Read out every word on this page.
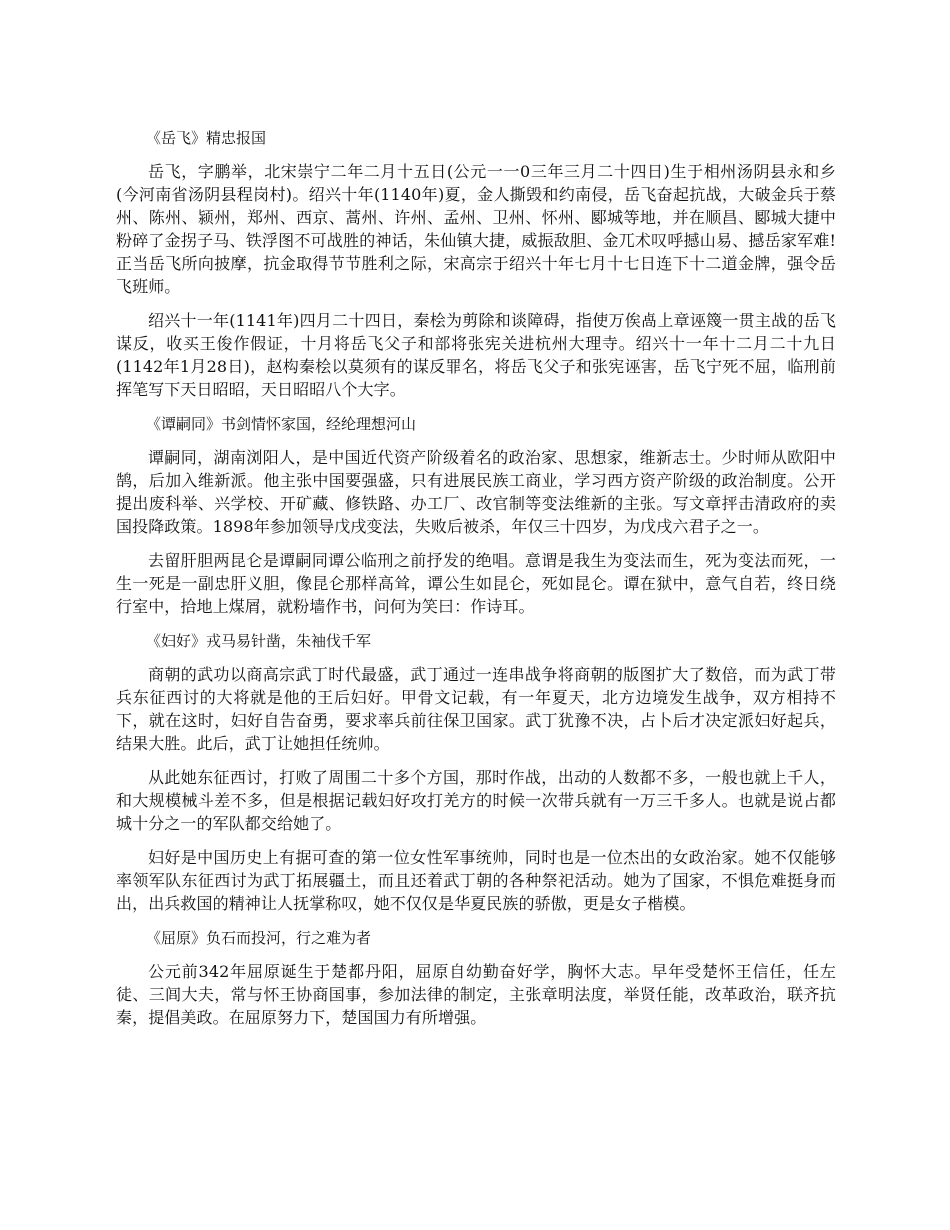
《岳飞》精忠报国

岳飞，字鹏举，北宋崇宁二年二月十五日(公元一一0三年三月二十四日)生于相州汤阴县永和乡(今河南省汤阴县程岗村)。绍兴十年(1140年)夏，金人撕毁和约南侵，岳飞奋起抗战，大破金兵于蔡州、陈州、颍州，郑州、西京、蒿州、许州、孟州、卫州、怀州、郾城等地，并在顺昌、郾城大捷中粉碎了金拐子马、铁浮图不可战胜的神话，朱仙镇大捷，威振敌胆、金兀术叹呼撼山易、撼岳家军难!正当岳飞所向披摩，抗金取得节节胜利之际，宋高宗于绍兴十年七月十七日连下十二道金牌，强令岳飞班师。

绍兴十一年(1141年)四月二十四日，秦桧为剪除和谈障碍，指使万俟卨上章诬篾一贯主战的岳飞谋反，收买王俊作假证，十月将岳飞父子和部将张宪关进杭州大理寺。绍兴十一年十二月二十九日(1142年1月28日)，赵构秦桧以莫须有的谋反罪名，将岳飞父子和张宪诬害，岳飞宁死不屈，临刑前挥笔写下天日昭昭，天日昭昭八个大字。

《谭嗣同》书剑情怀家国，经纶理想河山

谭嗣同，湖南浏阳人，是中国近代资产阶级着名的政治家、思想家，维新志士。少时师从欧阳中鹄，后加入维新派。他主张中国要强盛，只有进展民族工商业，学习西方资产阶级的政治制度。公开提出废科举、兴学校、开矿藏、修铁路、办工厂、改官制等变法维新的主张。写文章抨击清政府的卖国投降政策。1898年参加领导戊戌变法，失败后被杀，年仅三十四岁，为戊戌六君子之一。

去留肝胆两昆仑是谭嗣同谭公临刑之前抒发的绝唱。意谓是我生为变法而生，死为变法而死，一生一死是一副忠肝义胆，像昆仑那样高耸，谭公生如昆仑，死如昆仑。谭在狱中，意气自若，终日绕行室中，拾地上煤屑，就粉墙作书，问何为笑曰：作诗耳。

《妇好》戎马易针凿，朱袖伐千军

商朝的武功以商高宗武丁时代最盛，武丁通过一连串战争将商朝的版图扩大了数倍，而为武丁带兵东征西讨的大将就是他的王后妇好。甲骨文记载，有一年夏天，北方边境发生战争，双方相持不下，就在这时，妇好自告奋勇，要求率兵前往保卫国家。武丁犹豫不决，占卜后才决定派妇好起兵，结果大胜。此后，武丁让她担任统帅。

从此她东征西讨，打败了周围二十多个方国，那时作战，出动的人数都不多，一般也就上千人，和大规模械斗差不多，但是根据记载妇好攻打羌方的时候一次带兵就有一万三千多人。也就是说占都城十分之一的军队都交给她了。

妇好是中国历史上有据可查的第一位女性军事统帅，同时也是一位杰出的女政治家。她不仅能够率领军队东征西讨为武丁拓展疆土，而且还着武丁朝的各种祭祀活动。她为了国家，不惧危难挺身而出，出兵救国的精神让人抚掌称叹，她不仅仅是华夏民族的骄傲，更是女子楷模。

《屈原》负石而投河，行之难为者

公元前342年屈原诞生于楚都丹阳，屈原自幼勤奋好学，胸怀大志。早年受楚怀王信任，任左徒、三闾大夫，常与怀王协商国事，参加法律的制定，主张章明法度，举贤任能，改革政治，联齐抗秦，提倡美政。在屈原努力下，楚国国力有所增强。
